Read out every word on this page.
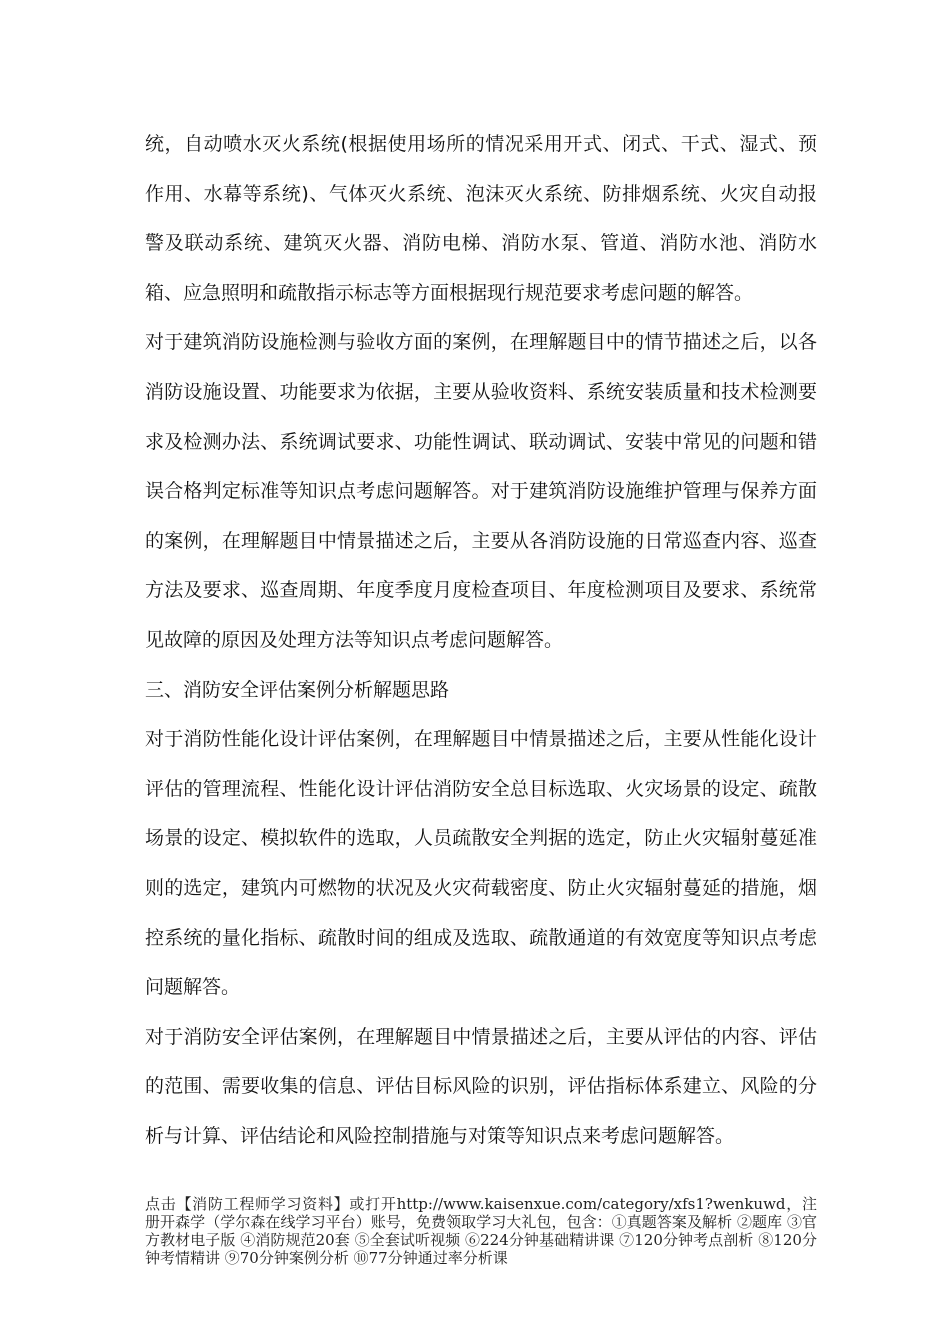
统，自动喷水灭火系统(根据使用场所的情况采用开式、闭式、干式、湿式、预作用、水幕等系统)、气体灭火系统、泡沫灭火系统、防排烟系统、火灾自动报警及联动系统、建筑灭火器、消防电梯、消防水泵、管道、消防水池、消防水箱、应急照明和疏散指示标志等方面根据现行规范要求考虑问题的解答。

对于建筑消防设施检测与验收方面的案例，在理解题目中的情节描述之后，以各消防设施设置、功能要求为依据，主要从验收资料、系统安装质量和技术检测要求及检测办法、系统调试要求、功能性调试、联动调试、安装中常见的问题和错误合格判定标准等知识点考虑问题解答。对于建筑消防设施维护管理与保养方面的案例，在理解题目中情景描述之后，主要从各消防设施的日常巡查内容、巡查方法及要求、巡查周期、年度季度月度检查项目、年度检测项目及要求、系统常见故障的原因及处理方法等知识点考虑问题解答。

三、消防安全评估案例分析解题思路

对于消防性能化设计评估案例，在理解题目中情景描述之后，主要从性能化设计评估的管理流程、性能化设计评估消防安全总目标选取、火灾场景的设定、疏散场景的设定、模拟软件的选取，人员疏散安全判据的选定，防止火灾辐射蔓延准则的选定，建筑内可燃物的状况及火灾荷载密度、防止火灾辐射蔓延的措施，烟控系统的量化指标、疏散时间的组成及选取、疏散通道的有效宽度等知识点考虑问题解答。

对于消防安全评估案例，在理解题目中情景描述之后，主要从评估的内容、评估的范围、需要收集的信息、评估目标风险的识别，评估指标体系建立、风险的分析与计算、评估结论和风险控制措施与对策等知识点来考虑问题解答。

点击【消防工程师学习资料】或打开http://www.kaisenxue.com/category/xfs1?wenkuwd，注册开森学（学尔森在线学习平台）账号，免费领取学习大礼包，包含：①真题答案及解析 ②题库 ③官方教材电子版 ④消防规范20套 ⑤全套试听视频 ⑥224分钟基础精讲课 ⑦120分钟考点剖析 ⑧120分钟考情精讲 ⑨70分钟案例分析 ⑩77分钟通过率分析课
